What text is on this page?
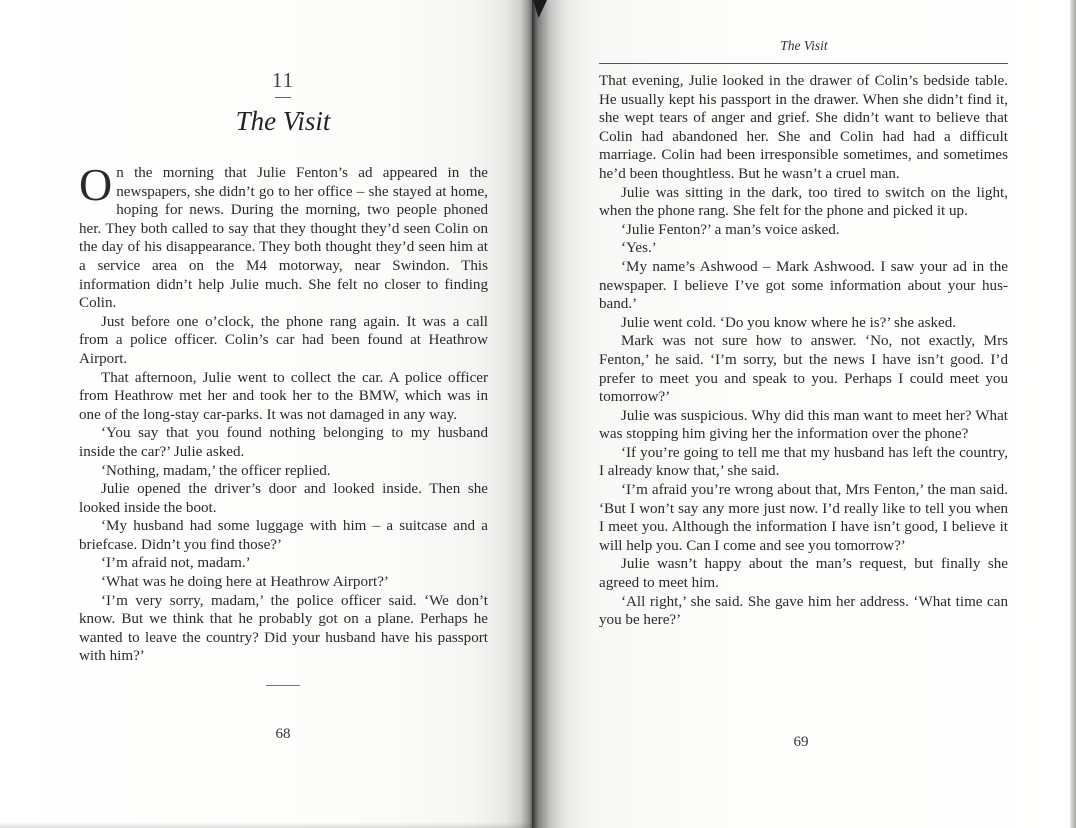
11
The Visit

On the morning that Julie Fenton’s ad appeared in the newspapers, she didn’t go to her office – she stayed at home, hoping for news. During the morning, two people phoned her. They both called to say that they thought they’d seen Colin on the day of his disappearance. They both thought they’d seen him at a service area on the M4 motorway, near Swindon. This information didn’t help Julie much. She felt no closer to finding Colin.

Just before one o’clock, the phone rang again. It was a call from a police officer. Colin’s car had been found at Heathrow Airport.

That afternoon, Julie went to collect the car. A police officer from Heathrow met her and took her to the BMW, which was in one of the long-stay car-parks. It was not damaged in any way.

‘You say that you found nothing belonging to my husband inside the car?’ Julie asked.

‘Nothing, madam,’ the officer replied.

Julie opened the driver’s door and looked inside. Then she looked inside the boot.

‘My husband had some luggage with him – a suitcase and a briefcase. Didn’t you find those?’

‘I’m afraid not, madam.’

‘What was he doing here at Heathrow Airport?’

‘I’m very sorry, madam,’ the police officer said. ‘We don’t know. But we think that he probably got on a plane. Perhaps he wanted to leave the country? Did your husband have his passport with him?’

68
The Visit

That evening, Julie looked in the drawer of Colin’s bedside table. He usually kept his passport in the drawer. When she didn’t find it, she wept tears of anger and grief. She didn’t want to believe that Colin had abandoned her. She and Colin had had a difficult marriage. Colin had been irresponsible sometimes, and sometimes he’d been thoughtless. But he wasn’t a cruel man.

Julie was sitting in the dark, too tired to switch on the light, when the phone rang. She felt for the phone and picked it up.

‘Julie Fenton?’ a man’s voice asked.

‘Yes.’

‘My name’s Ashwood – Mark Ashwood. I saw your ad in the newspaper. I believe I’ve got some information about your husband.’

Julie went cold. ‘Do you know where he is?’ she asked.

Mark was not sure how to answer. ‘No, not exactly, Mrs Fenton,’ he said. ‘I’m sorry, but the news I have isn’t good. I’d prefer to meet you and speak to you. Perhaps I could meet you tomorrow?’

Julie was suspicious. Why did this man want to meet her? What was stopping him giving her the information over the phone?

‘If you’re going to tell me that my husband has left the country, I already know that,’ she said.

‘I’m afraid you’re wrong about that, Mrs Fenton,’ the man said. ‘But I won’t say any more just now. I’d really like to tell you when I meet you. Although the information I have isn’t good, I believe it will help you. Can I come and see you tomorrow?’

Julie wasn’t happy about the man’s request, but finally she agreed to meet him.

‘All right,’ she said. She gave him her address. ‘What time can you be here?’

69
